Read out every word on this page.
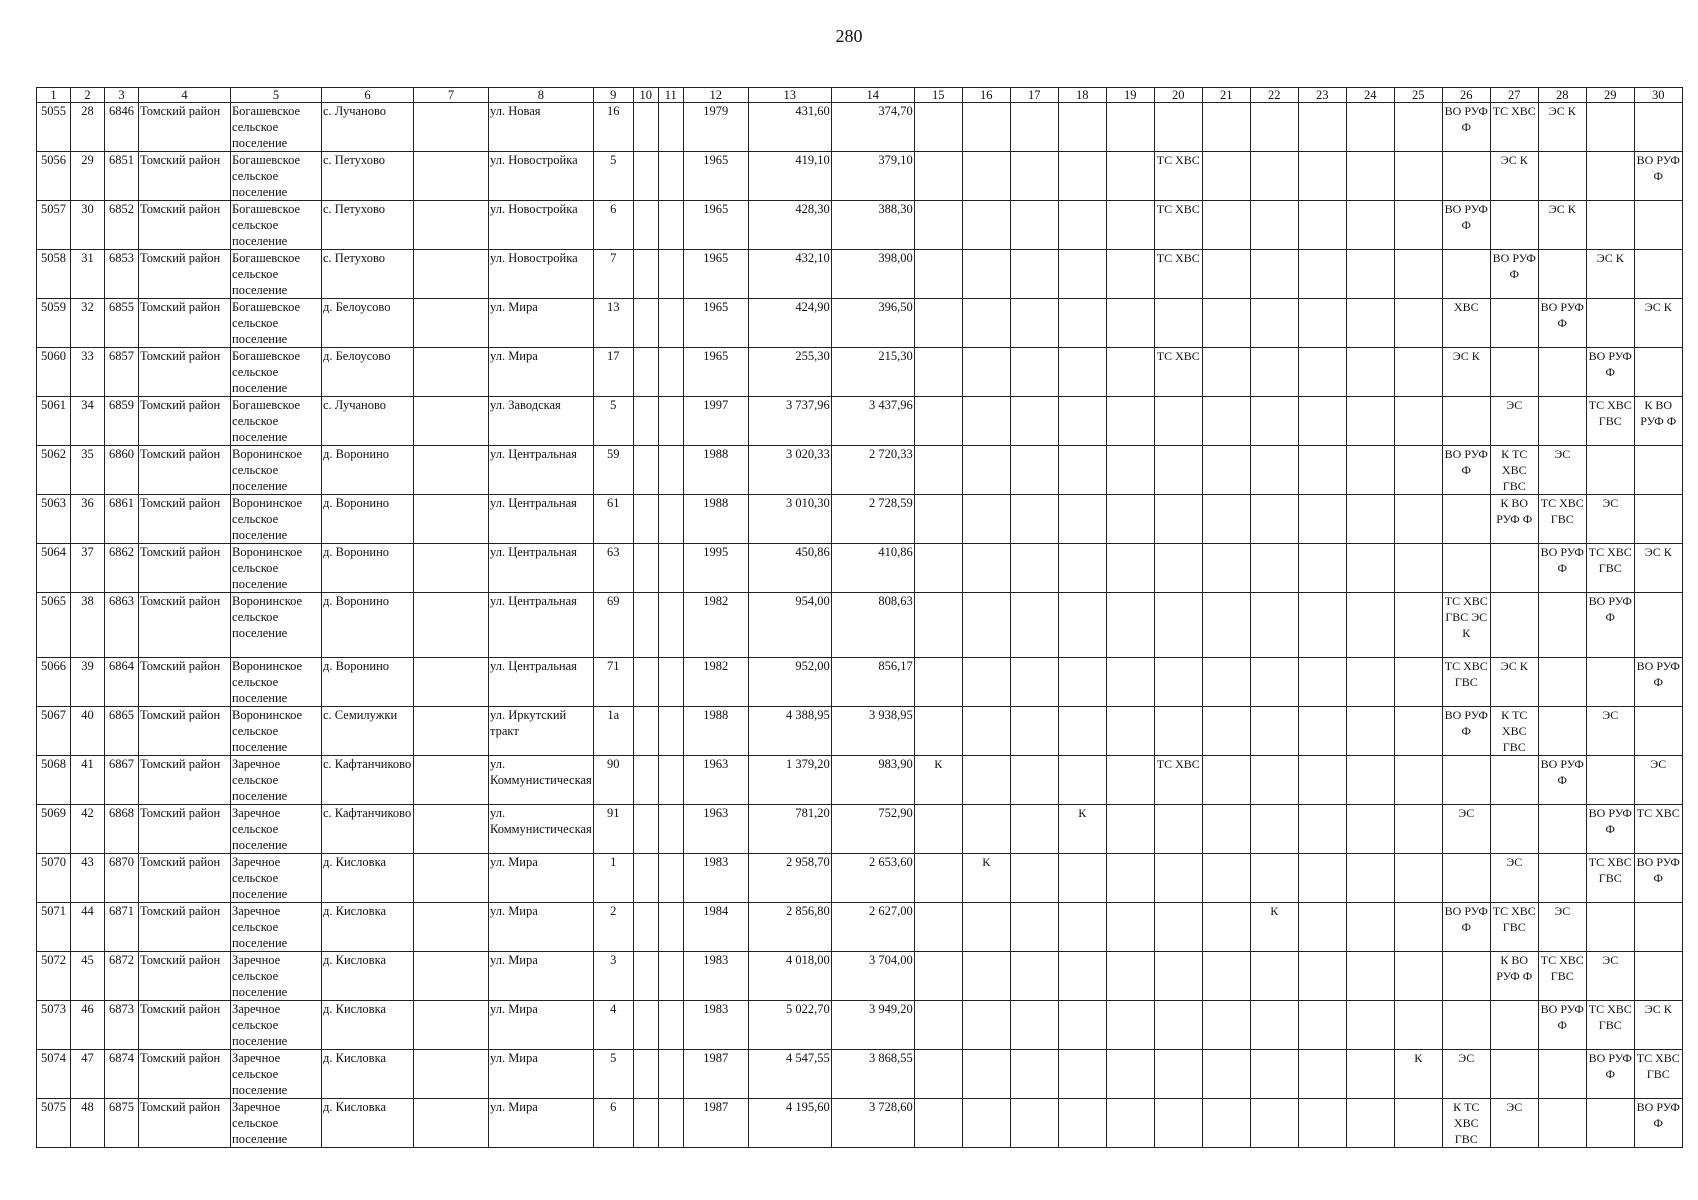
280
1	2	3	4	5	6	7	8	9	10	11	12	13	14	15	16	17	18	19	20	21	22	23	24	25	26	27	28	29	30
5055	28	6846	Томский район	Богашевское сельское поселение	с. Лучаново		ул. Новая	16			1979	431,60	374,70												ВО РУФ Ф	ТС ХВС	ЭС К		
5056	29	6851	Томский район	Богашевское сельское поселение	с. Петухово		ул. Новостройка	5			1965	419,10	379,10						ТС ХВС							ЭС К			ВО РУФ Ф
5057	30	6852	Томский район	Богашевское сельское поселение	с. Петухово		ул. Новостройка	6			1965	428,30	388,30						ТС ХВС						ВО РУФ Ф		ЭС К		
5058	31	6853	Томский район	Богашевское сельское поселение	с. Петухово		ул. Новостройка	7			1965	432,10	398,00						ТС ХВС							ВО РУФ Ф		ЭС К	
5059	32	6855	Томский район	Богашевское сельское поселение	д. Белоусово		ул. Мира	13			1965	424,90	396,50												ХВС		ВО РУФ Ф		ЭС К
5060	33	6857	Томский район	Богашевское сельское поселение	д. Белоусово		ул. Мира	17			1965	255,30	215,30						ТС ХВС						ЭС К			ВО РУФ Ф	
5061	34	6859	Томский район	Богашевское сельское поселение	с. Лучаново		ул. Заводская	5			1997	3 737,96	3 437,96													ЭС		ТС ХВС ГВС	К ВО РУФ Ф
5062	35	6860	Томский район	Воронинское сельское поселение	д. Воронино		ул. Центральная	59			1988	3 020,33	2 720,33												ВО РУФ Ф	К ТС ХВС ГВС	ЭС		
5063	36	6861	Томский район	Воронинское сельское поселение	д. Воронино		ул. Центральная	61			1988	3 010,30	2 728,59													К ВО РУФ Ф	ТС ХВС ГВС	ЭС	
5064	37	6862	Томский район	Воронинское сельское поселение	д. Воронино		ул. Центральная	63			1995	450,86	410,86														ВО РУФ Ф	ТС ХВС ГВС	ЭС К
5065	38	6863	Томский район	Воронинское сельское поселение	д. Воронино		ул. Центральная	69			1982	954,00	808,63												ТС ХВС ГВС ЭС К			ВО РУФ Ф	
5066	39	6864	Томский район	Воронинское сельское поселение	д. Воронино		ул. Центральная	71			1982	952,00	856,17												ТС ХВС ГВС	ЭС К			ВО РУФ Ф
5067	40	6865	Томский район	Воронинское сельское поселение	с. Семилужки		ул. Иркутский тракт	1а			1988	4 388,95	3 938,95												ВО РУФ Ф	К ТС ХВС ГВС		ЭС	
5068	41	6867	Томский район	Заречное сельское поселение	с. Кафтанчиково		ул. Коммунистическая	90			1963	1 379,20	983,90	К					ТС ХВС								ВО РУФ Ф		ЭС
5069	42	6868	Томский район	Заречное сельское поселение	с. Кафтанчиково		ул. Коммунистическая	91			1963	781,20	752,90				К								ЭС			ВО РУФ Ф	ТС ХВС
5070	43	6870	Томский район	Заречное сельское поселение	д. Кисловка		ул. Мира	1			1983	2 958,70	2 653,60		К											ЭС		ТС ХВС ГВС	ВО РУФ Ф
5071	44	6871	Томский район	Заречное сельское поселение	д. Кисловка		ул. Мира	2			1984	2 856,80	2 627,00								К				ВО РУФ Ф	ТС ХВС ГВС	ЭС		
5072	45	6872	Томский район	Заречное сельское поселение	д. Кисловка		ул. Мира	3			1983	4 018,00	3 704,00													К ВО РУФ Ф	ТС ХВС ГВС	ЭС	
5073	46	6873	Томский район	Заречное сельское поселение	д. Кисловка		ул. Мира	4			1983	5 022,70	3 949,20														ВО РУФ Ф	ТС ХВС ГВС	ЭС К
5074	47	6874	Томский район	Заречное сельское поселение	д. Кисловка		ул. Мира	5			1987	4 547,55	3 868,55											К	ЭС			ВО РУФ Ф	ТС ХВС ГВС
5075	48	6875	Томский район	Заречное сельское поселение	д. Кисловка		ул. Мира	6			1987	4 195,60	3 728,60												К ТС ХВС ГВС	ЭС			ВО РУФ Ф
